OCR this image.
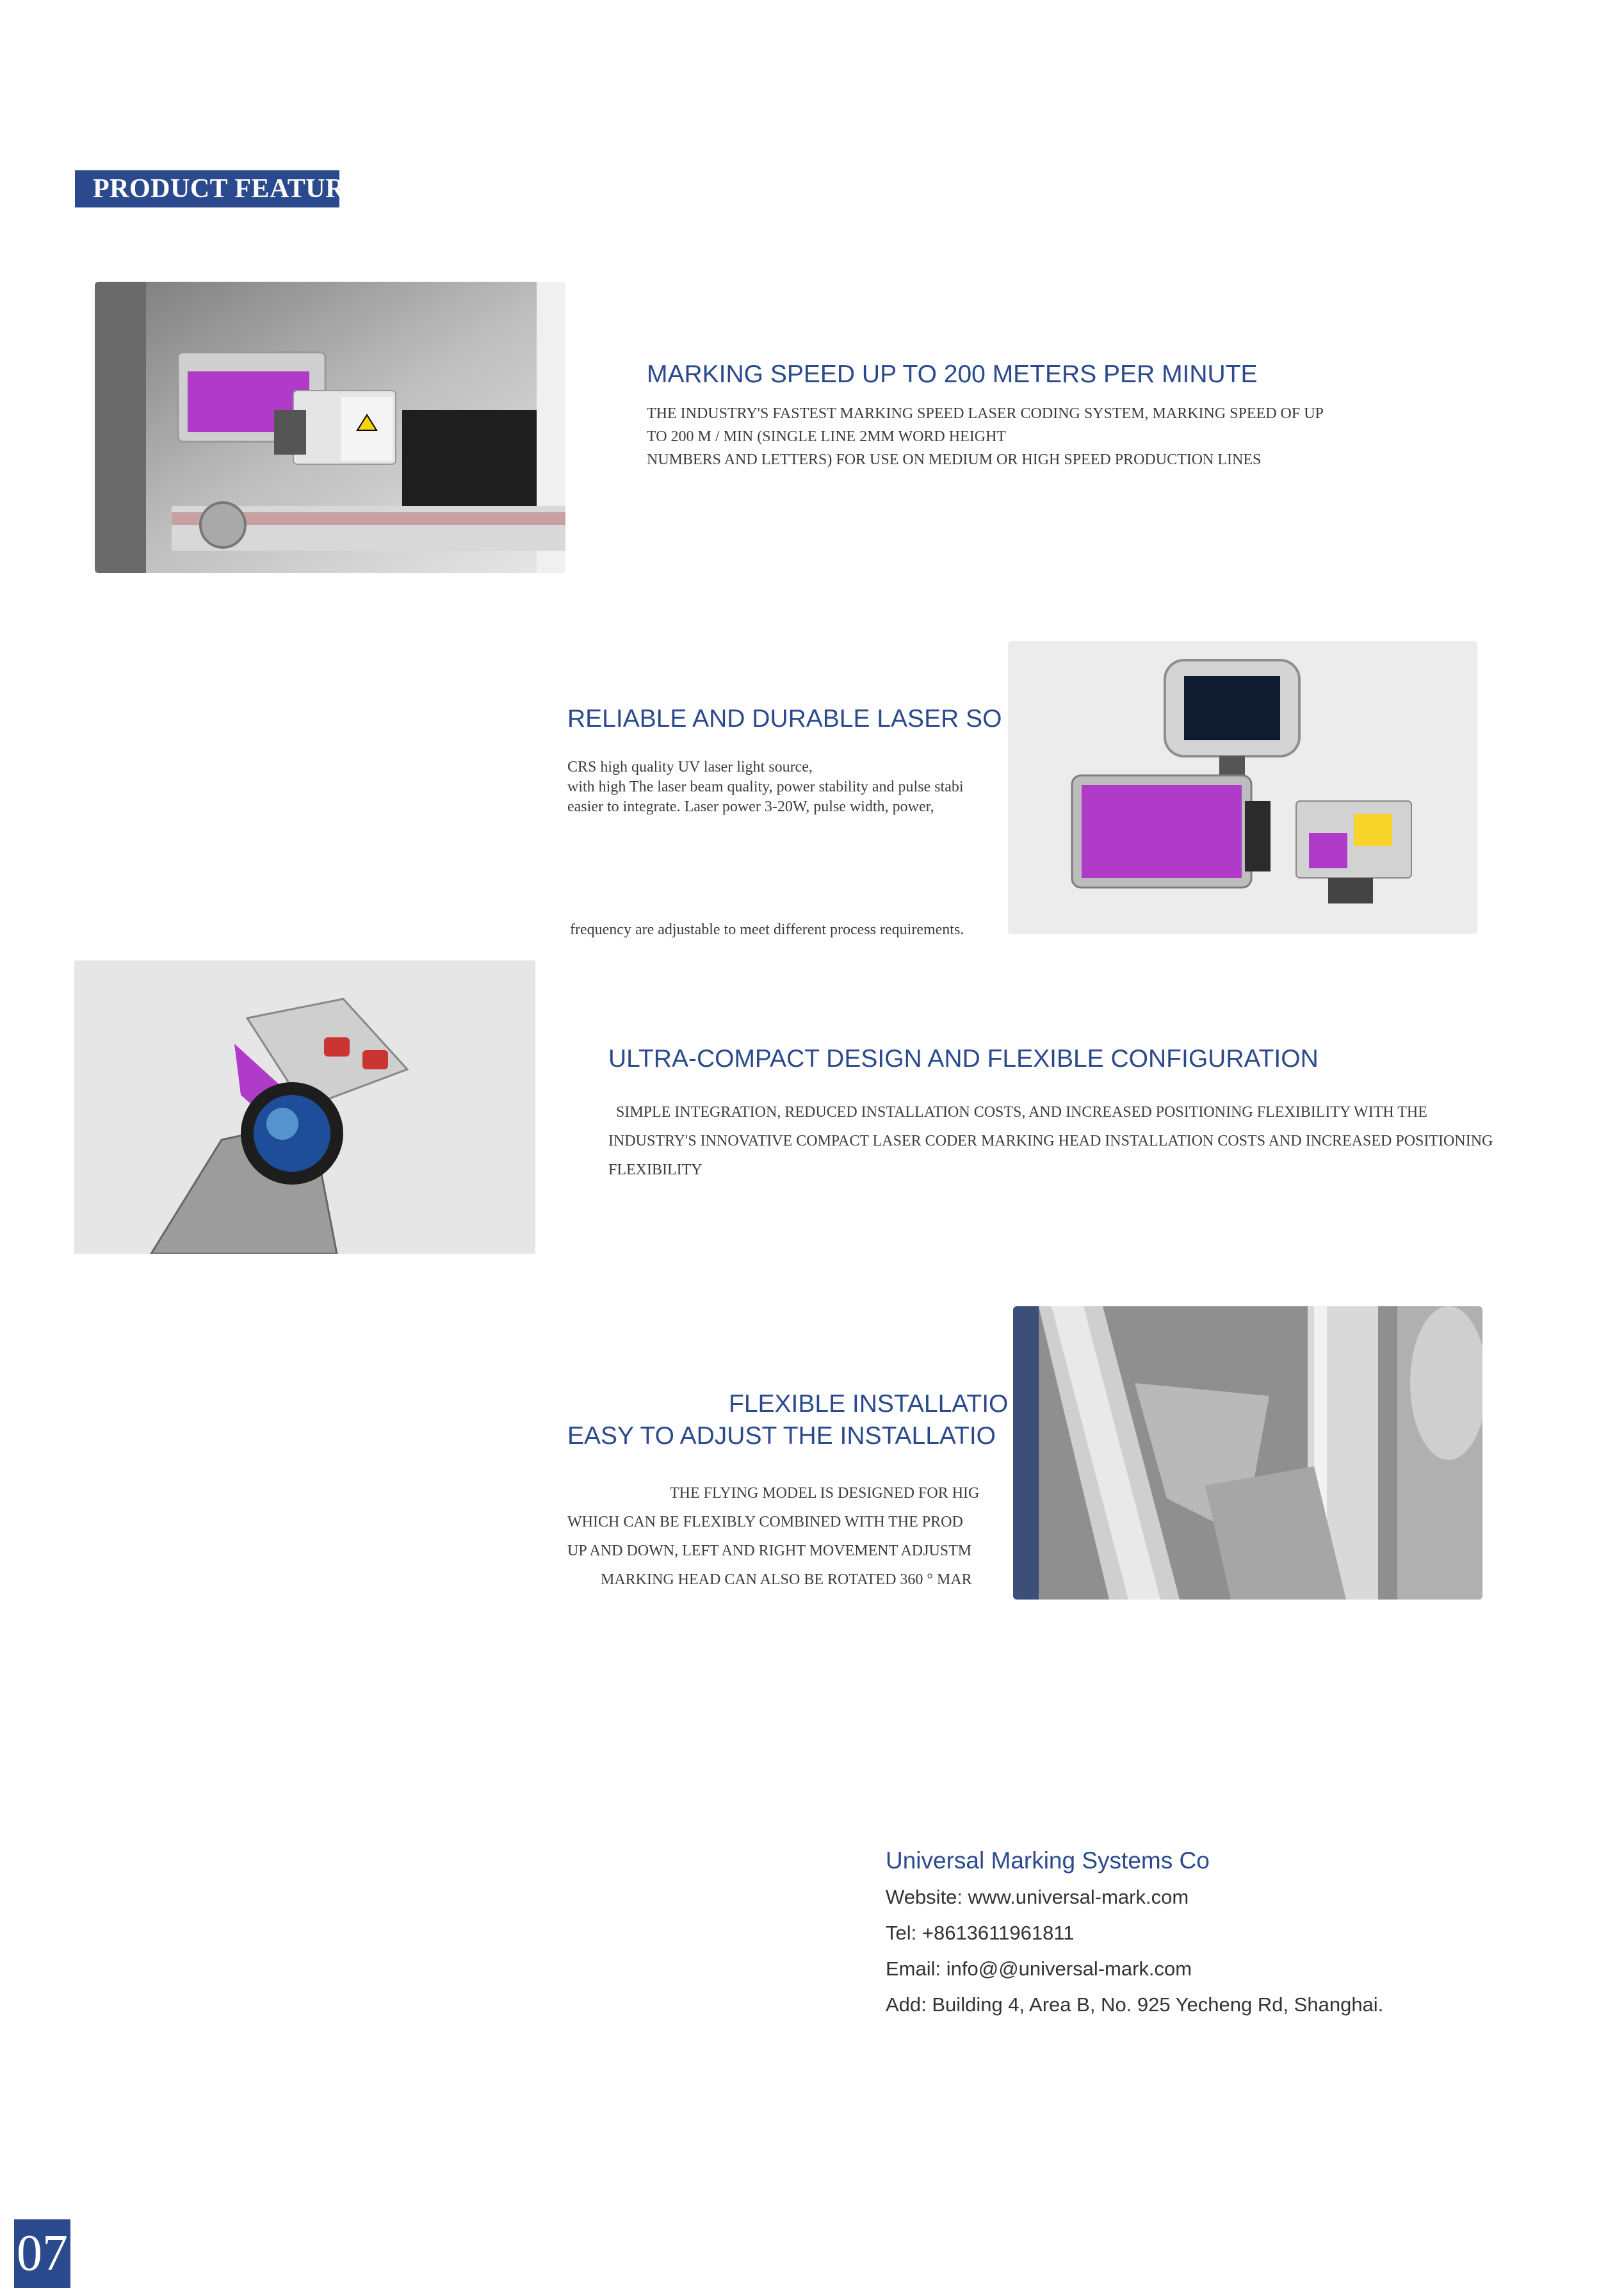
PRODUCT FEATURE
MARKING SPEED UP TO 200 METERS PER MINUTE
THE INDUSTRY'S FASTEST MARKING SPEED LASER CODING SYSTEM, MARKING SPEED OF UP
TO 200 M / MIN (SINGLE LINE 2MM WORD HEIGHT
NUMBERS AND LETTERS) FOR USE ON MEDIUM OR HIGH SPEED PRODUCTION LINES
RELIABLE AND DURABLE LASER SO
CRS high quality UV laser light source,
with high The laser beam quality, power stability and pulse stabi
easier to integrate. Laser power 3-20W, pulse width, power,
frequency are adjustable to meet different process requirements.
ULTRA-COMPACT DESIGN AND FLEXIBLE CONFIGURATION
SIMPLE INTEGRATION, REDUCED INSTALLATION COSTS, AND INCREASED POSITIONING FLEXIBILITY WITH THE
INDUSTRY'S INNOVATIVE COMPACT LASER CODER MARKING HEAD INSTALLATION COSTS AND INCREASED POSITIONING
FLEXIBILITY
FLEXIBLE INSTALLATIO
EASY TO ADJUST THE INSTALLATIO
THE FLYING MODEL IS DESIGNED FOR HIG
WHICH CAN BE FLEXIBLY COMBINED WITH THE PROD
UP AND DOWN, LEFT AND RIGHT MOVEMENT ADJUSTM
MARKING HEAD CAN ALSO BE ROTATED 360 ° MAR
Universal Marking Systems Co
Website: www.universal-mark.com
Tel: +8613611961811
Email: info@@universal-mark.com
Add: Building 4, Area B, No. 925 Yecheng Rd, Shanghai.
07
